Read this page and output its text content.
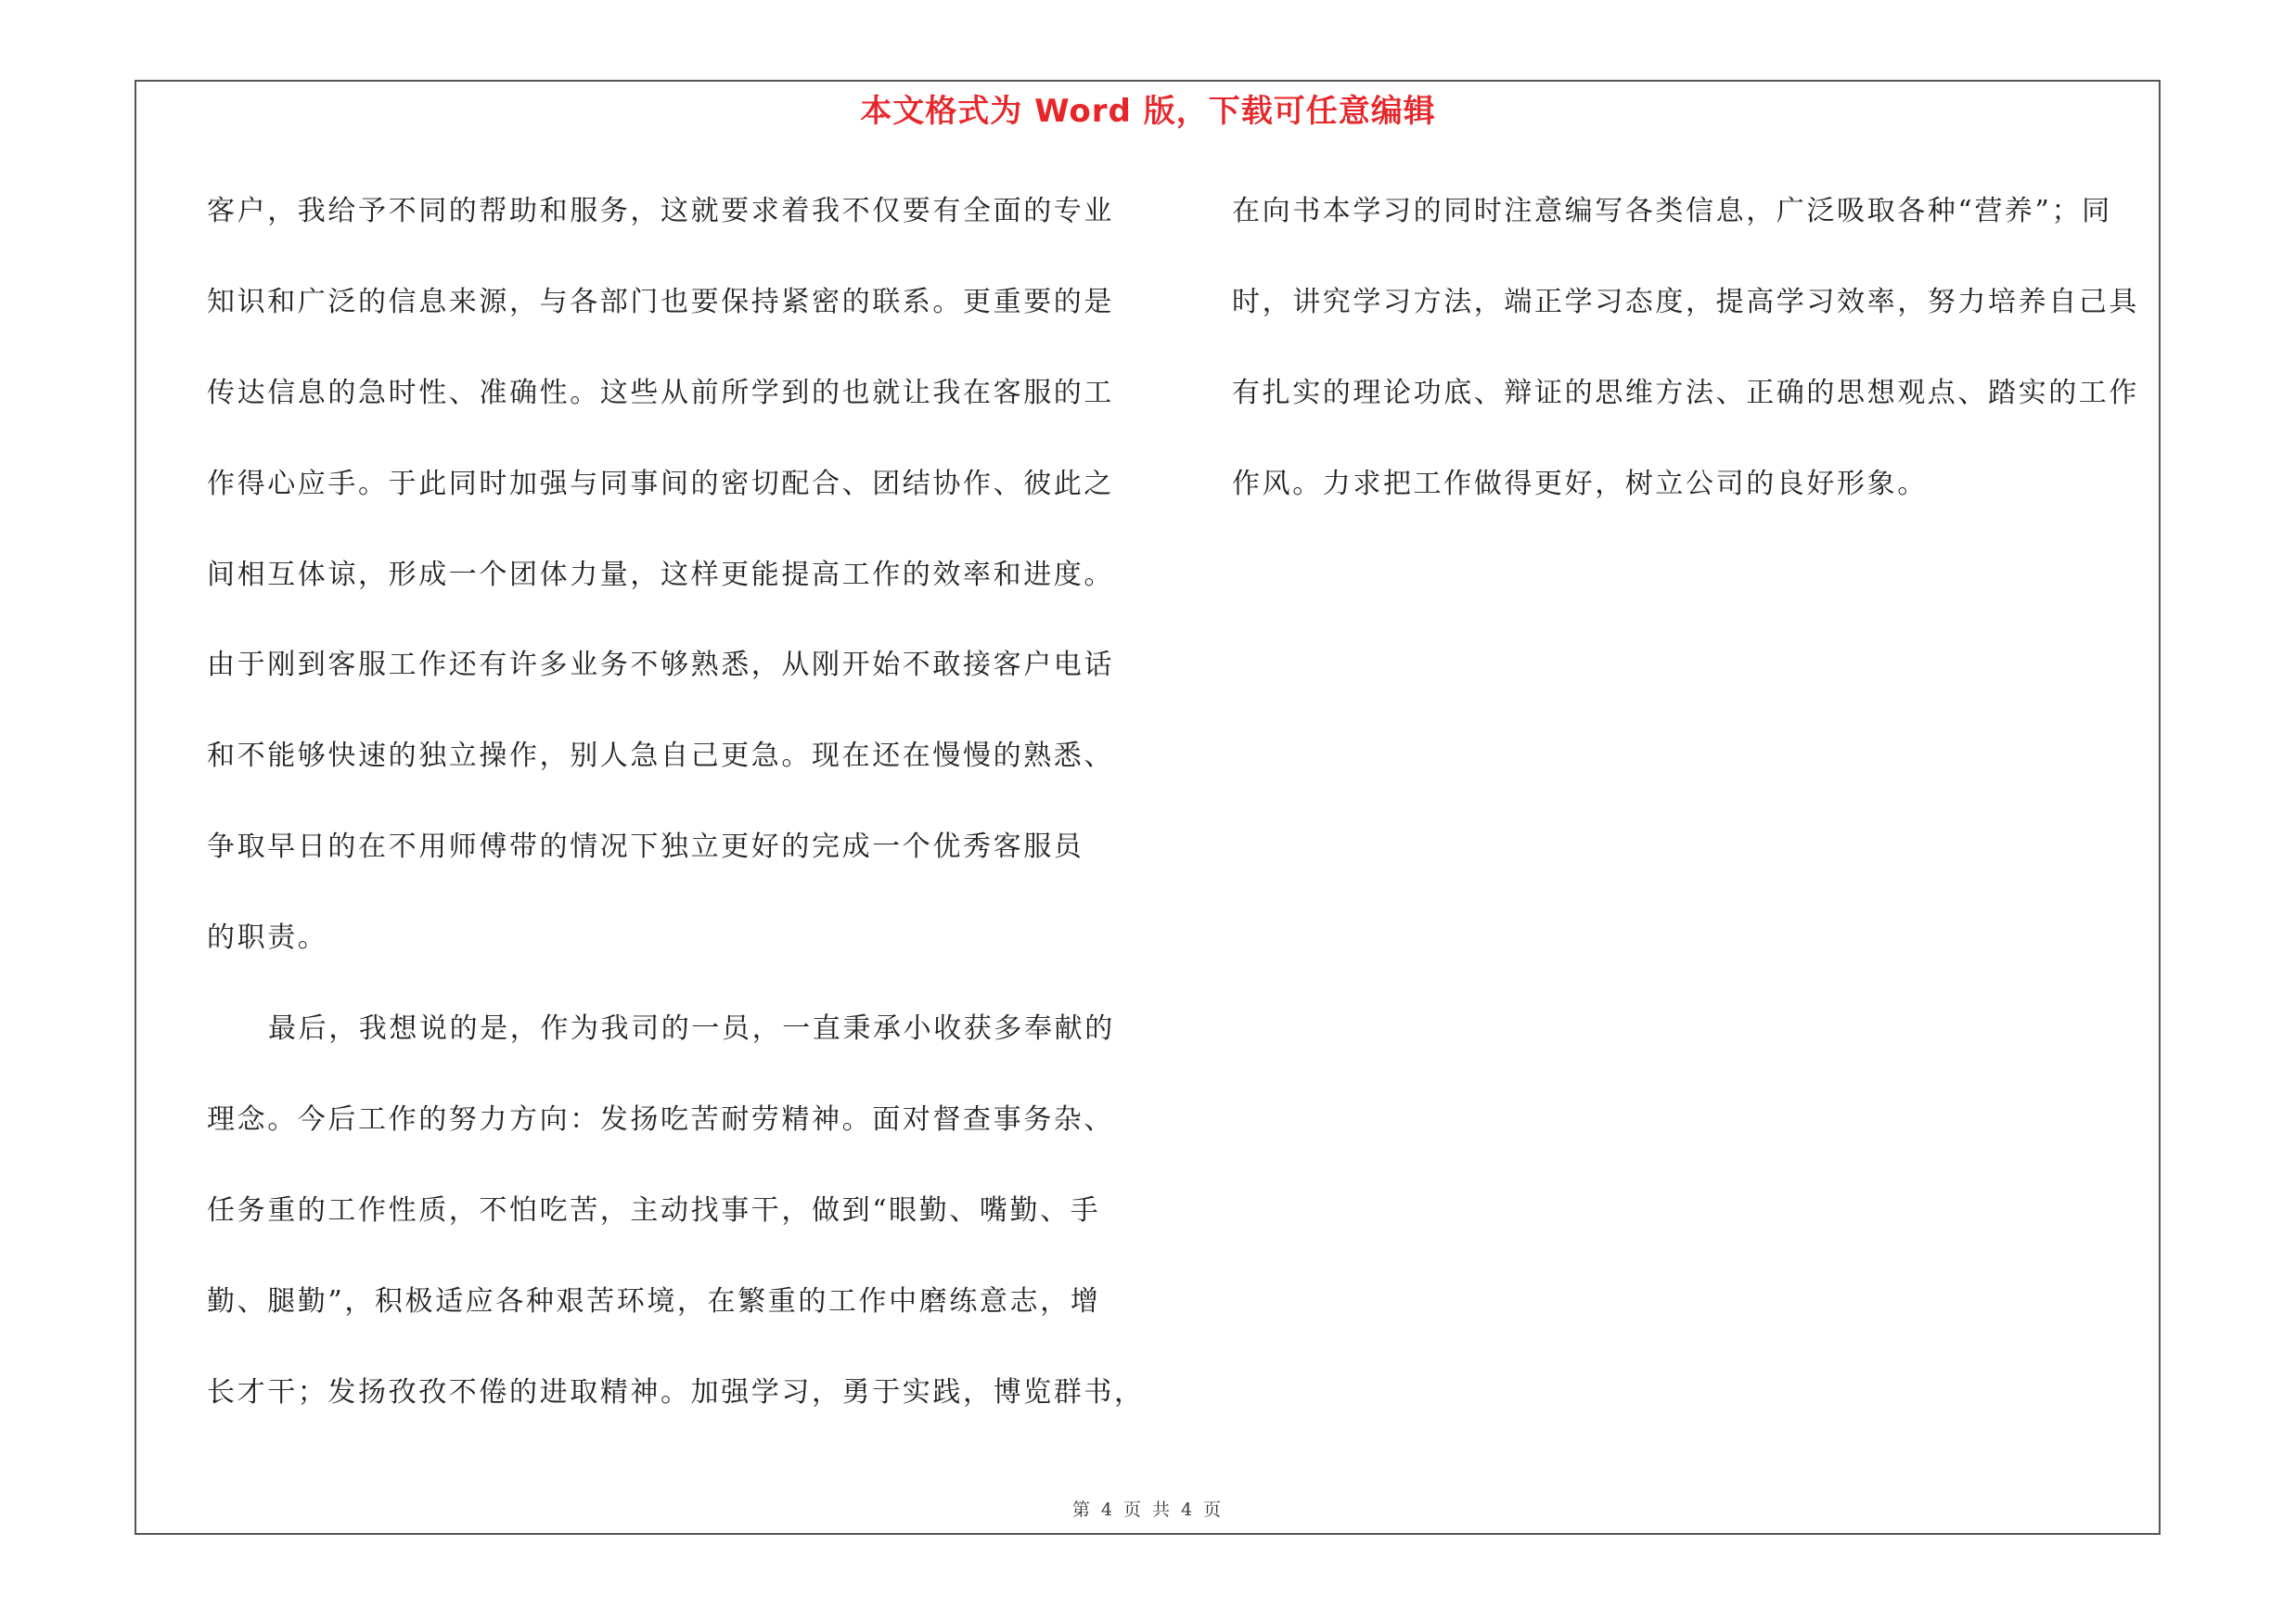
本文格式为 Word 版，下载可任意编辑
客户，我给予不同的帮助和服务，这就要求着我不仅要有全面的专业
知识和广泛的信息来源，与各部门也要保持紧密的联系。更重要的是
传达信息的急时性、准确性。这些从前所学到的也就让我在客服的工
作得心应手。于此同时加强与同事间的密切配合、团结协作、彼此之
间相互体谅，形成一个团体力量，这样更能提高工作的效率和进度。
由于刚到客服工作还有许多业务不够熟悉，从刚开始不敢接客户电话
和不能够快速的独立操作，别人急自己更急。现在还在慢慢的熟悉、
争取早日的在不用师傅带的情况下独立更好的完成一个优秀客服员
的职责。
最后，我想说的是，作为我司的一员，一直秉承小收获多奉献的
理念。今后工作的努力方向：发扬吃苦耐劳精神。面对督查事务杂、
任务重的工作性质，不怕吃苦，主动找事干，做到“眼勤、嘴勤、手
勤、腿勤”，积极适应各种艰苦环境，在繁重的工作中磨练意志，增
长才干；发扬孜孜不倦的进取精神。加强学习，勇于实践，博览群书，
在向书本学习的同时注意编写各类信息，广泛吸取各种“营养”；同
时，讲究学习方法，端正学习态度，提高学习效率，努力培养自己具
有扎实的理论功底、辩证的思维方法、正确的思想观点、踏实的工作
作风。力求把工作做得更好，树立公司的良好形象。
第 4 页 共 4 页
